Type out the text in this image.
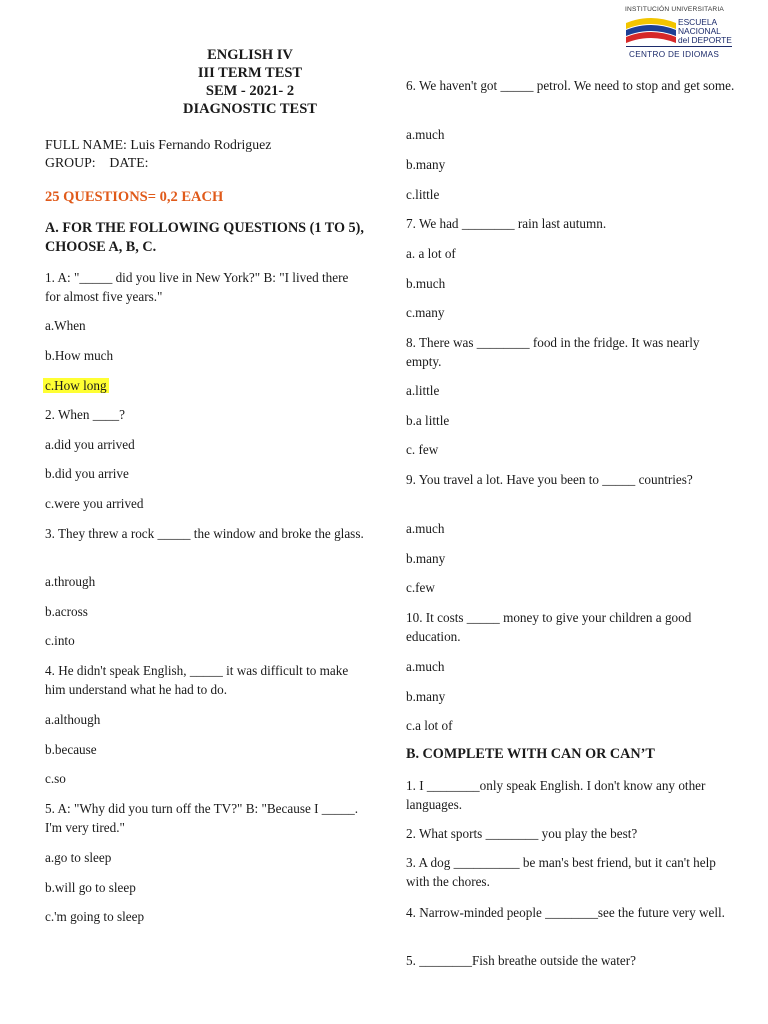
INSTITUCIÓN UNIVERSITARIA
ESCUELA
NACIONAL
del DEPORTE
CENTRO DE IDIOMAS
ENGLISH IV
III TERM TEST
SEM - 2021- 2
DIAGNOSTIC TEST
FULL NAME: Luis Fernando Rodriguez
GROUP:    DATE:
25 QUESTIONS= 0,2 EACH
A. FOR THE FOLLOWING QUESTIONS (1 TO 5), CHOOSE A, B, C.
1. A: "_____ did you live in New York?" B: "I lived there for almost five years."
a.When
b.How much
c.How long
2. When ____?
a.did you arrived
b.did you arrive
c.were you arrived
3. They threw a rock _____ the window and broke the glass.
a.through
b.across
c.into
4. He didn't speak English, _____ it was difficult to make him understand what he had to do.
a.although
b.because
c.so
5. A: "Why did you turn off the TV?" B: "Because I _____. I'm very tired."
a.go to sleep
b.will go to sleep
c.'m going to sleep
6. We haven't got _____ petrol. We need to stop and get some.
a.much
b.many
c.little
7. We had ________ rain last autumn.
a. a lot of
b.much
c.many
8. There was ________ food in the fridge. It was nearly empty.
a.little
b.a little
c. few
9. You travel a lot. Have you been to _____ countries?
a.much
b.many
c.few
10. It costs _____ money to give your children a good education.
a.much
b.many
c.a lot of
B. COMPLETE WITH CAN OR CAN’T
1. I ________only speak English. I don't know any other languages.
2. What sports ________ you play the best?
3. A dog __________ be man's best friend, but it can't help with the chores.
4. Narrow-minded people ________see the future very well.
5. ________Fish breathe outside the water?
